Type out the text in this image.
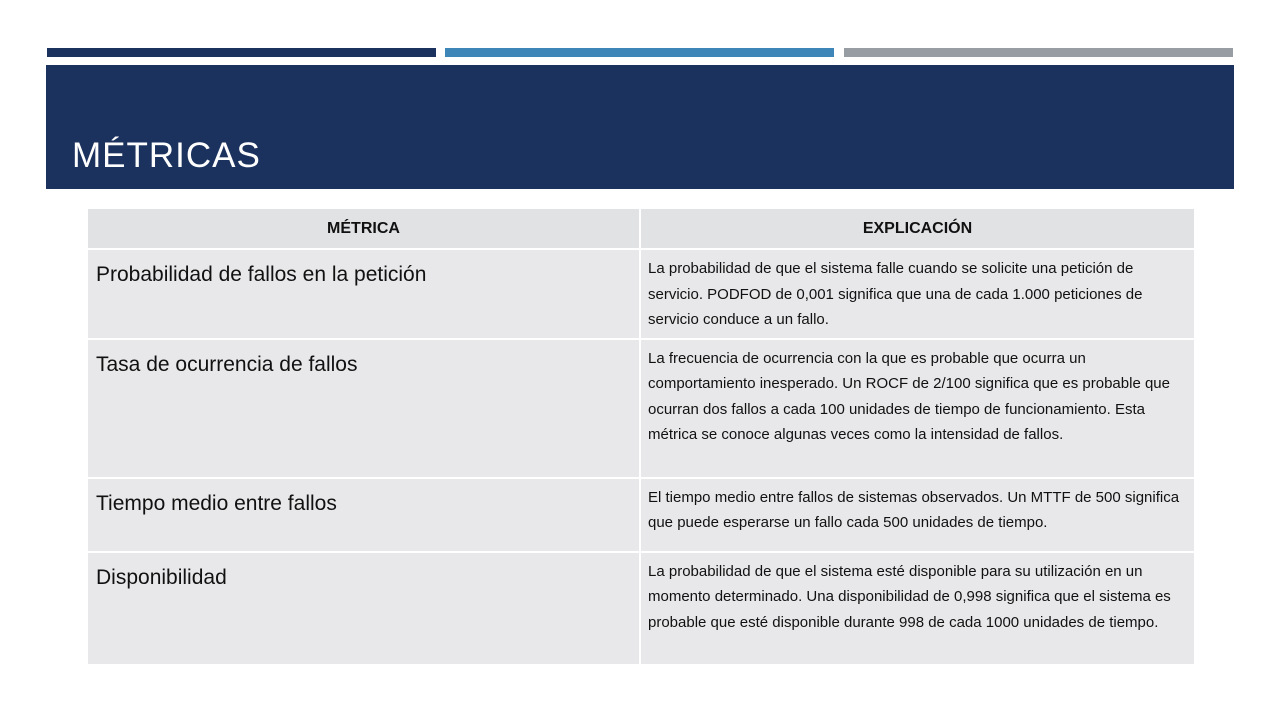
MÉTRICAS
MÉTRICA	EXPLICACIÓN
Probabilidad de fallos en la petición	La probabilidad de que el sistema falle cuando se solicite una petición de servicio. PODFOD de 0,001 significa que una de cada 1.000 peticiones de servicio conduce a un fallo.
Tasa de ocurrencia de fallos	La frecuencia de ocurrencia con la que es probable que ocurra un comportamiento inesperado. Un ROCF de 2/100 significa que es probable que ocurran dos fallos a cada 100 unidades de tiempo de funcionamiento. Esta métrica se conoce algunas veces como la intensidad de fallos.
Tiempo medio entre fallos	El tiempo medio entre fallos de sistemas observados. Un MTTF de 500 significa que puede esperarse un fallo cada 500 unidades de tiempo.
Disponibilidad	La probabilidad de que el sistema esté disponible para su utilización en un momento determinado. Una disponibilidad de 0,998 significa que el sistema es probable que esté disponible durante 998 de cada 1000 unidades de tiempo.
